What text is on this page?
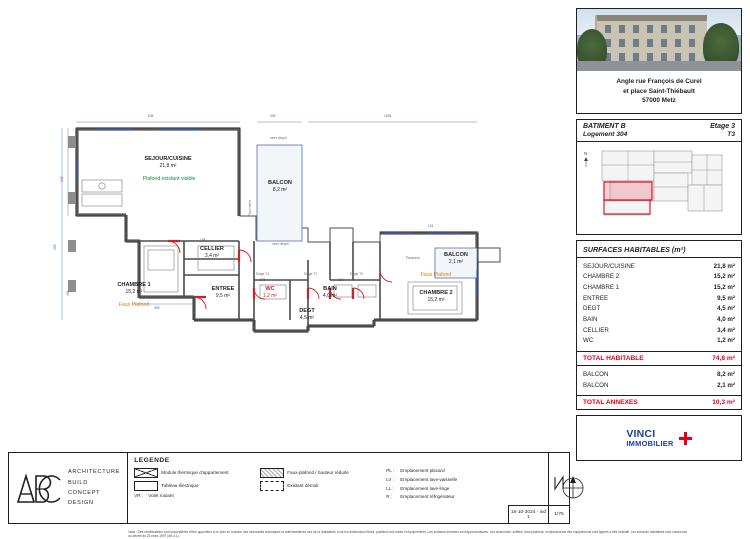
SEJOUR/CUISINE
21,8 m²
Plafond existant visible
BALCON
8,2 m²
BALCON
2,1 m²
CELLIER
3,4 m²
CHAMBRE 1
15,2 m²
Faux Plafond
CHAMBRE 2
15,2 m²
Faux Plafond
ENTREE
9,5 m²
BAIN
4,0 m²
WC
1,2 m²
DEGT
4,5 m²
634	305	1025
240
325
404
393
198
236	222
115
verre dépoli
verre dépoli
Paroi vitrée
Etage T4	Etage T3	Etage T5
Pacarana
ARCHITECTURE
BUILD
CONCEPT
DESIGN
LEGENDE
Module thermique d'appartement
Tableau électrique
VR :	Volet roulant
Faux-plafond / hauteur réduite
Existant démoli
PL :	Emplacement placard
LV :	Emplacement lave-vaisselle
LL :	Emplacement lave-linge
R :	Emplacement réfrigérateur
Nota : Des modifications sont susceptibles d'être apportées à ce plan en fonction des nécessités techniques et administratives lors de la réalisation, pour les dimensions fibrés, positions des baies et équipements. Les surfaces données sont approximatives. Les cloisonnés, soffites, faux-plafonds, emplacements des équipements sont figurés à titre indicatif. Les surfaces habitables sont conformes au décret du 23 mars 1997 (Art.4.1).
16-10-2024 - ind 1	1/75
Angle rue François de Curel
et place Saint-Thiébault
57000 Metz
BATIMENT B	Etage 3
Logement 304	T3
N
SURFACES HABITABLES (m²)
SEJOUR/CUISINE	21,8 m²
CHAMBRE 2	15,2 m²
CHAMBRE 1	15,2 m²
ENTREE	9,5 m²
DEGT	4,5 m²
BAIN	4,0 m²
CELLIER	3,4 m²
WC	1,2 m²
TOTAL HABITABLE	74,8 m²
BALCON	8,2 m²
BALCON	2,1 m²
TOTAL ANNEXES	10,3 m²
VINCI
IMMOBILIER
